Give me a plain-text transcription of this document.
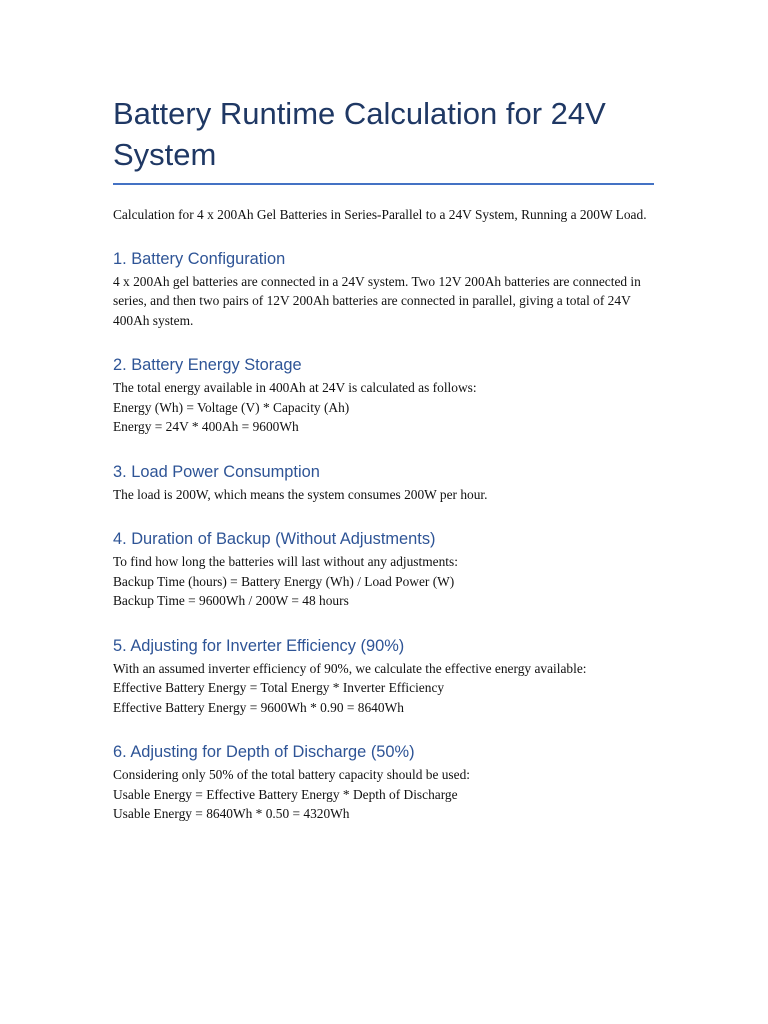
Battery Runtime Calculation for 24V System

Calculation for 4 x 200Ah Gel Batteries in Series-Parallel to a 24V System, Running a 200W Load.

1. Battery Configuration

4 x 200Ah gel batteries are connected in a 24V system. Two 12V 200Ah batteries are connected in series, and then two pairs of 12V 200Ah batteries are connected in parallel, giving a total of 24V 400Ah system.

2. Battery Energy Storage

The total energy available in 400Ah at 24V is calculated as follows:

Energy (Wh) = Voltage (V) * Capacity (Ah)

Energy = 24V * 400Ah = 9600Wh

3. Load Power Consumption

The load is 200W, which means the system consumes 200W per hour.

4. Duration of Backup (Without Adjustments)

To find how long the batteries will last without any adjustments:

Backup Time (hours) = Battery Energy (Wh) / Load Power (W)

Backup Time = 9600Wh / 200W = 48 hours

5. Adjusting for Inverter Efficiency (90%)

With an assumed inverter efficiency of 90%, we calculate the effective energy available:

Effective Battery Energy = Total Energy * Inverter Efficiency

Effective Battery Energy = 9600Wh * 0.90 = 8640Wh

6. Adjusting for Depth of Discharge (50%)

Considering only 50% of the total battery capacity should be used:

Usable Energy = Effective Battery Energy * Depth of Discharge

Usable Energy = 8640Wh * 0.50 = 4320Wh
